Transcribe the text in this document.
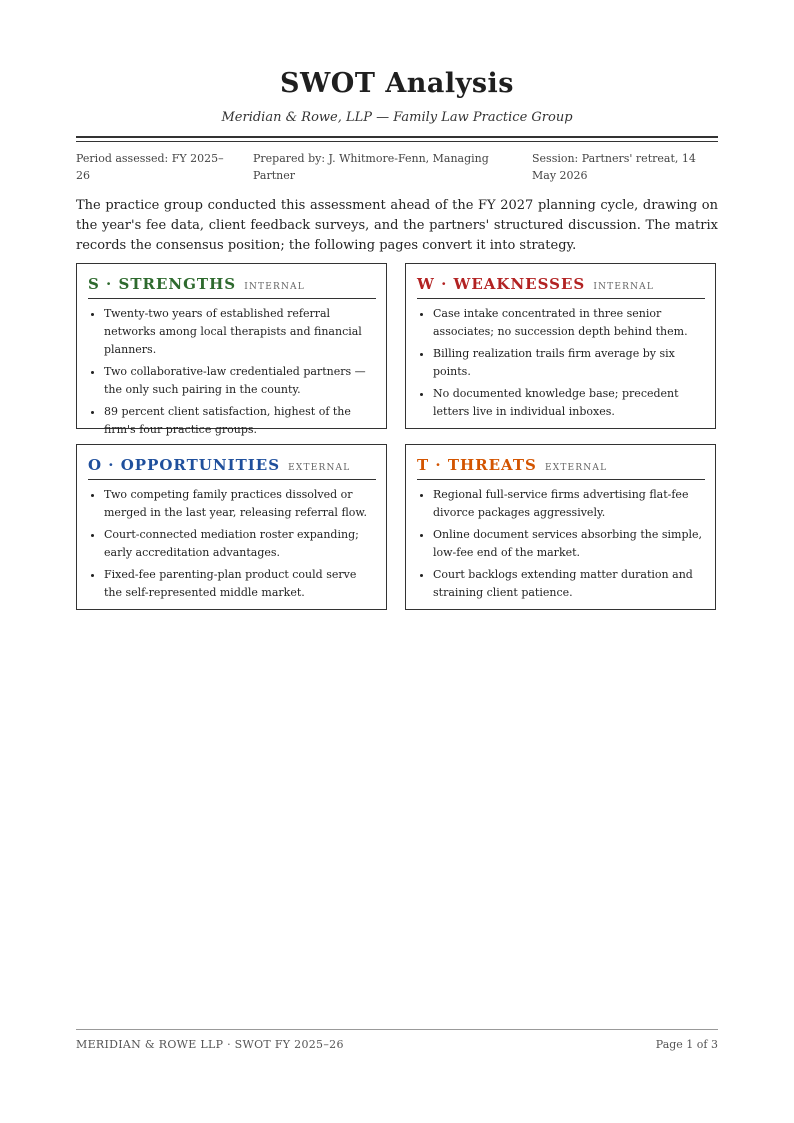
SWOT Analysis
Meridian & Rowe, LLP — Family Law Practice Group
Period assessed: FY 2025–26
Prepared by: J. Whitmore-Fenn, Managing Partner
Session: Partners' retreat, 14 May 2026

The practice group conducted this assessment ahead of the FY 2027 planning cycle, drawing on the year's fee data, client feedback surveys, and the partners' structured discussion. The matrix records the consensus position; the following pages convert it into strategy.

S · STRENGTHS INTERNAL
• Twenty-two years of established referral networks among local therapists and financial planners.
• Two collaborative-law credentialed partners — the only such pairing in the county.
• 89 percent client satisfaction, highest of the firm's four practice groups.
W · WEAKNESSES INTERNAL
• Case intake concentrated in three senior associates; no succession depth behind them.
• Billing realization trails firm average by six points.
• No documented knowledge base; precedent letters live in individual inboxes.
O · OPPORTUNITIES EXTERNAL
• Two competing family practices dissolved or merged in the last year, releasing referral flow.
• Court-connected mediation roster expanding; early accreditation advantages.
• Fixed-fee parenting-plan product could serve the self-represented middle market.
T · THREATS EXTERNAL
• Regional full-service firms advertising flat-fee divorce packages aggressively.
• Online document services absorbing the simple, low-fee end of the market.
• Court backlogs extending matter duration and straining client patience.
MERIDIAN & ROWE LLP · SWOT FY 2025–26	Page 1 of 3
